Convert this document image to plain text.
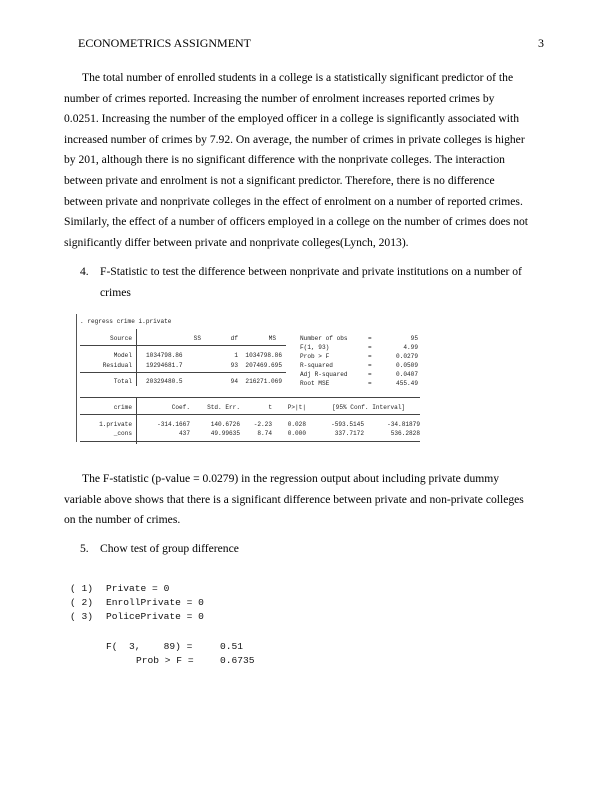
ECONOMETRICS ASSIGNMENT	3
The total number of enrolled students in a college is a statistically significant predictor of the
number of crimes reported. Increasing the number of enrolment increases reported crimes by
0.0251. Increasing the number of the employed officer in a college is significantly associated with
increased number of crimes by 7.92. On average, the number of crimes in private colleges is higher
by 201, although there is no significant difference with the nonprivate colleges. The interaction
between private and enrolment is not a significant predictor. Therefore, there is no difference
between private and nonprivate colleges in the effect of enrolment on a number of reported crimes.
Similarly, the effect of a number of officers employed in a college on the number of crimes does not
significantly differ between private and nonprivate colleges(Lynch, 2013).
4. F-Statistic to test the difference between nonprivate and private institutions on a number of
crimes
. regress crime i.private
Source	SS	df	MS
Model 1034798.86	1	1034798.86
Residual 19294681.7	93	207469.695
Total 20329480.5	94	216271.069
Number of obs	=	95
F(1, 93)	=	4.99
Prob > F	=	0.0279
R-squared	=	0.0509
Adj R-squared	=	0.0407
Root MSE	=	455.49
crime	Coef.	Std. Err.	t	P>|t|	[95% Conf. Interval]
1.private	-314.1667	140.6726	-2.23	0.028	-593.5145	-34.81879
_cons	437	49.99635	8.74	0.000	337.7172	536.2828
The F-statistic (p-value = 0.0279) in the regression output about including private dummy
variable above shows that there is a significant difference between private and non-private colleges
on the number of crimes.
5. Chow test of group difference
( 1) Private = 0
( 2) EnrollPrivate = 0
( 3) PolicePrivate = 0
F(  3,    89) =	0.51
Prob > F =	0.6735
